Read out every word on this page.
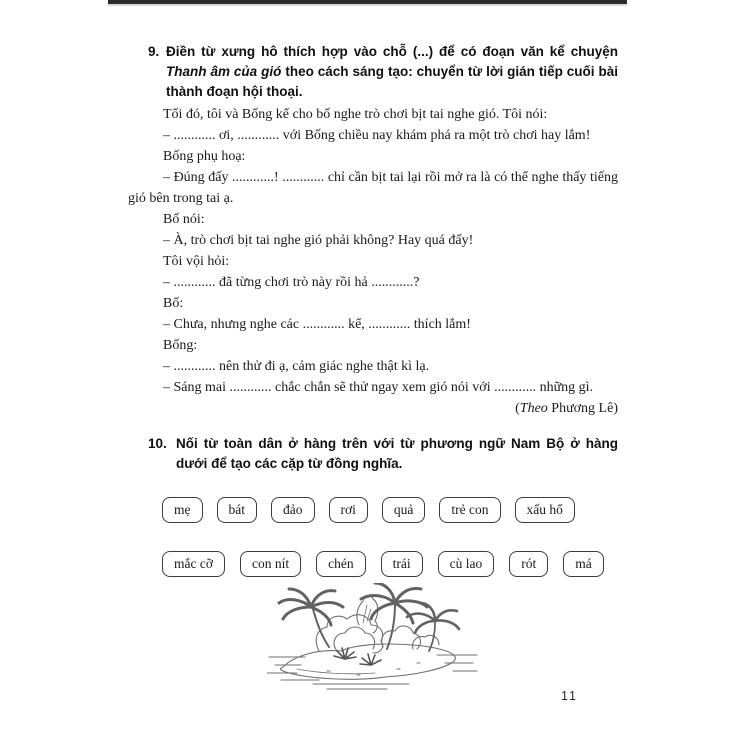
9. Điền từ xưng hô thích hợp vào chỗ (...) để có đoạn văn kể chuyện Thanh âm của gió theo cách sáng tạo: chuyển từ lời gián tiếp cuối bài thành đoạn hội thoại.

Tối đó, tôi và Bống kể cho bố nghe trò chơi bịt tai nghe gió. Tôi nói:

– ............ ơi, ............ với Bống chiều nay khám phá ra một trò chơi hay lắm!

Bống phụ hoạ:

– Đúng đấy ............! ............ chỉ cần bịt tai lại rồi mở ra là có thể nghe thấy tiếng gió bên trong tai ạ.

Bố nói:

– À, trò chơi bịt tai nghe gió phải không? Hay quá đấy!

Tôi vội hỏi:

– ............ đã từng chơi trò này rồi hả ............?

Bố:

– Chưa, nhưng nghe các ............ kể, ............ thích lắm!

Bống:

– ............ nên thử đi ạ, cảm giác nghe thật kì lạ.

– Sáng mai ............ chắc chắn sẽ thử ngay xem gió nói với ............ những gì.

(Theo Phương Lê)

10. Nối từ toàn dân ở hàng trên với từ phương ngữ Nam Bộ ở hàng dưới để tạo các cặp từ đồng nghĩa.

mẹ	bát	đảo	rơi	quả	trẻ con	xấu hổ
mắc cỡ	con nít	chén	trái	cù lao	rót	má
11
